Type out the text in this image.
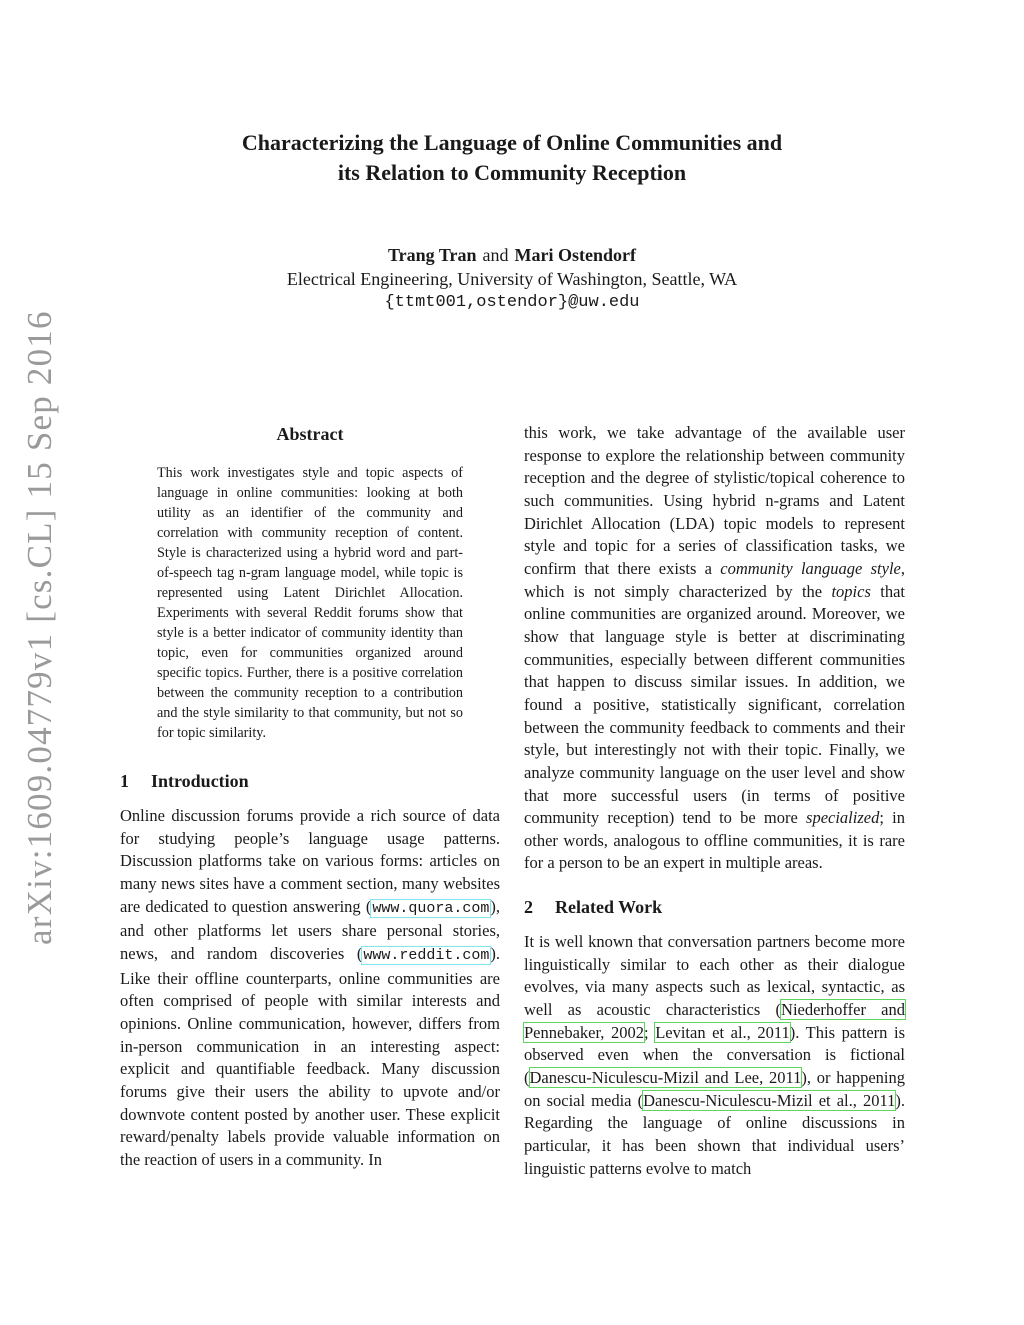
arXiv:1609.04779v1 [cs.CL] 15 Sep 2016

Characterizing the Language of Online Communities and

its Relation to Community Reception

Trang Tran and Mari Ostendorf
Electrical Engineering, University of Washington, Seattle, WA
{ttmt001,ostendor}@uw.edu
Abstract
This work investigates style and topic aspects of language in online communities: looking at both utility as an identifier of the community and correlation with community reception of content. Style is characterized using a hybrid word and part-of-speech tag n-gram language model, while topic is represented using Latent Dirichlet Allocation. Experiments with several Reddit forums show that style is a better indicator of community identity than topic, even for communities organized around specific topics. Further, there is a positive correlation between the community reception to a contribution and the style similarity to that community, but not so for topic similarity.
1 Introduction

Online discussion forums provide a rich source of data for studying people’s language usage patterns. Discussion platforms take on various forms: articles on many news sites have a comment section, many websites are dedicated to question answering (www.quora.com), and other platforms let users share personal stories, news, and random discoveries (www.reddit.com). Like their offline counterparts, online communities are often comprised of people with similar interests and opinions. Online communication, however, differs from in-person communication in an interesting aspect: explicit and quantifiable feedback. Many discussion forums give their users the ability to upvote and/or downvote content posted by another user. These explicit reward/penalty labels provide valuable information on the reaction of users in a community. In

this work, we take advantage of the available user response to explore the relationship between community reception and the degree of stylistic/topical coherence to such communities. Using hybrid n-grams and Latent Dirichlet Allocation (LDA) topic models to represent style and topic for a series of classification tasks, we confirm that there exists a community language style, which is not simply characterized by the topics that online communities are organized around. Moreover, we show that language style is better at discriminating communities, especially between different communities that happen to discuss similar issues. In addition, we found a positive, statistically significant, correlation between the community feedback to comments and their style, but interestingly not with their topic. Finally, we analyze community language on the user level and show that more successful users (in terms of positive community reception) tend to be more specialized; in other words, analogous to offline communities, it is rare for a person to be an expert in multiple areas.

2 Related Work

It is well known that conversation partners become more linguistically similar to each other as their dialogue evolves, via many aspects such as lexical, syntactic, as well as acoustic characteristics (Niederhoffer and Pennebaker, 2002; Levitan et al., 2011). This pattern is observed even when the conversation is fictional (Danescu-Niculescu-Mizil and Lee, 2011), or happening on social media (Danescu-Niculescu-Mizil et al., 2011). Regarding the language of online discussions in particular, it has been shown that individual users’ linguistic patterns evolve to match
